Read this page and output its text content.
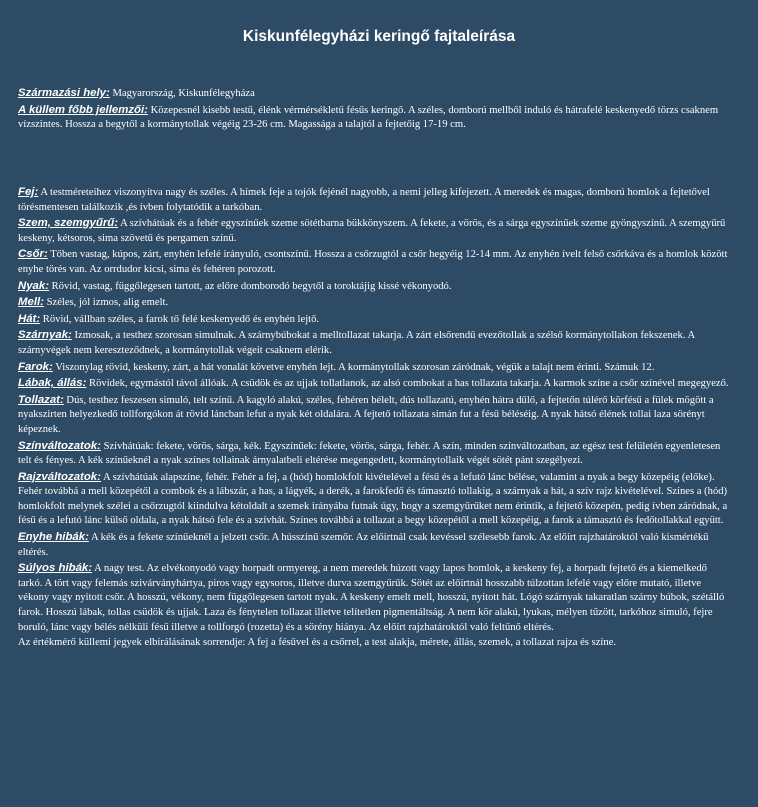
Kiskunfélegyházi keringő fajtaleírása
Származási hely: Magyarország, Kiskunfélegyháza
A küllem főbb jellemzői: Közepesnél kisebb testű, élénk vérmérsékletű fésűs keringő. A széles, domború mellből induló és hátrafelé keskenyedő törzs csaknem vízszintes. Hossza a begytől a kormánytollak végéig 23-26 cm. Magassága a talajtól a fejtetőig 17-19 cm.
Fej: A testméreteihez viszonyítva nagy és széles. A hímek feje a tojók fejénél nagyobb, a nemi jelleg kifejezett. A meredek és magas, domború homlok a fejtetővel törésmentesen találkozik ,és ívben folytatódik a tarkóban.
Szem, szemgyűrű: A szívhátúak és a fehér egyszínűek szeme sötétbarna bükkönyszem. A fekete, a vörös, és a sárga egyszínűek szeme gyöngyszínű. A szemgyűrű keskeny, kétsoros, sima szövetű és pergamen színű.
Csőr: Tőben vastag, kúpos, zárt, enyhén lefelé irányuló, csontszínű. Hossza a csőrzugtól a csőr hegyéig 12-14 mm. Az enyhén ívelt felső csőrkáva és a homlok között enyhe törés van. Az orrdudor kicsi, sima és fehéren porozott.
Nyak: Rövid, vastag, függőlegesen tartott, az előre domborodó begytől a toroktájig kissé vékonyodó.
Mell: Széles, jól izmos, alig emelt.
Hát: Rövid, vállban széles, a farok tő felé keskenyedő és enyhén lejtő.
Szárnyak: Izmosak, a testhez szorosan simulnak. A szárnybúbokat a melltollazat takarja. A zárt elsőrendű evezőtollak a szélső kormánytollakon fekszenek. A szárnyvégek nem kereszteződnek, a kormánytollak végeit csaknem elérik.
Farok: Viszonylag rövid, keskeny, zárt, a hát vonalát követve enyhén lejt. A kormánytollak szorosan záródnak, végük a talajt nem érinti. Számuk 12.
Lábak, állás: Rövidek, egymástól távol állóak. A csüdök és az ujjak tollatlanok, az alsó combokat a has tollazata takarja. A karmok színe a csőr színével megegyező.
Tollazat: Dús, testhez feszesen simuló, telt színű. A kagyló alakú, széles, fehéren bélelt, dús tollazatú, enyhén hátra dűlő, a fejtetőn túlérő körfésű a fülek mögött a nyakszirten helyezkedő tollforgókon át rövid láncban lefut a nyak két oldalára. A fejtető tollazata simán fut a fésű béléséig. A nyak hátsó élének tollai laza sörényt képeznek.
Színváltozatok: Szívhátúak: fekete, vörös, sárga, kék. Egyszínűek: fekete, vörös, sárga, fehér. A szín, minden színváltozatban, az egész test felületén egyenletesen telt és fényes. A kék színűeknél a nyak színes tollainak árnyalatbeli eltérése megengedett, kormánytollaik végét sötét pánt szegélyezi.
Rajzváltozatok: A szívhátúak alapszíne, fehér. Fehér a fej, a (hód) homlokfolt kivételével a fésű és a lefutó lánc bélése, valamint a nyak a begy közepéig (előke). Fehér továbbá a mell közepétől a combok és a lábszár, a has, a lágyék, a derék, a farokfedő és támasztó tollakig, a szárnyak a hát, a szív rajz kivételével. Színes a (hód) homlokfolt melynek szélei a csőrzugtól kiindulva kétoldalt a szemek irányába futnak úgy, hogy a szemgyűrűket nem érintik, a fejtető közepén, pedig ívben záródnak, a fésű és a lefutó lánc külső oldala, a nyak hátsó fele és a szívhát. Színes továbbá a tollazat a begy közepétől a mell közepéig, a farok a támasztó és fedőtollakkal együtt.
Enyhe hibák: A kék és a fekete színűeknél a jelzett csőr. A hússzínű szemőr. Az előírtnál csak kevéssel szélesebb farok. Az előírt rajzhatároktól való kismértékű eltérés.
Súlyos hibák: A nagy test. Az elvékonyodó vagy horpadt ormyereg, a nem meredek húzott vagy lapos homlok, a keskeny fej, a horpadt fejtető és a kiemelkedő tarkó. A tört vagy felemás szivárványhártya, piros vagy egysoros, illetve durva szemgyűrűk. Sötét az előírtnál hosszabb túlzottan lefelé vagy előre mutató, illetve vékony vagy nyitott csőr. A hosszú, vékony, nem függőlegesen tartott nyak. A keskeny emelt mell, hosszú, nyitott hát. Lógó szárnyak takaratlan szárny búbok, szétálló farok. Hosszú lábak, tollas csüdök és ujjak. Laza és fénytelen tollazat illetve telítetlen pigmentáltság. A nem kör alakú, lyukas, mélyen tűzött, tarkóhoz simuló, fejre boruló, lánc vagy bélés nélküli fésű illetve a tollforgó (rozetta) és a sörény hiánya. Az előírt rajzhatároktól való feltűnő eltérés.
Az értékmérő küllemi jegyek elbírálásának sorrendje: A fej a fésűvel és a csőrrel, a test alakja, mérete, állás, szemek, a tollazat rajza és színe.
